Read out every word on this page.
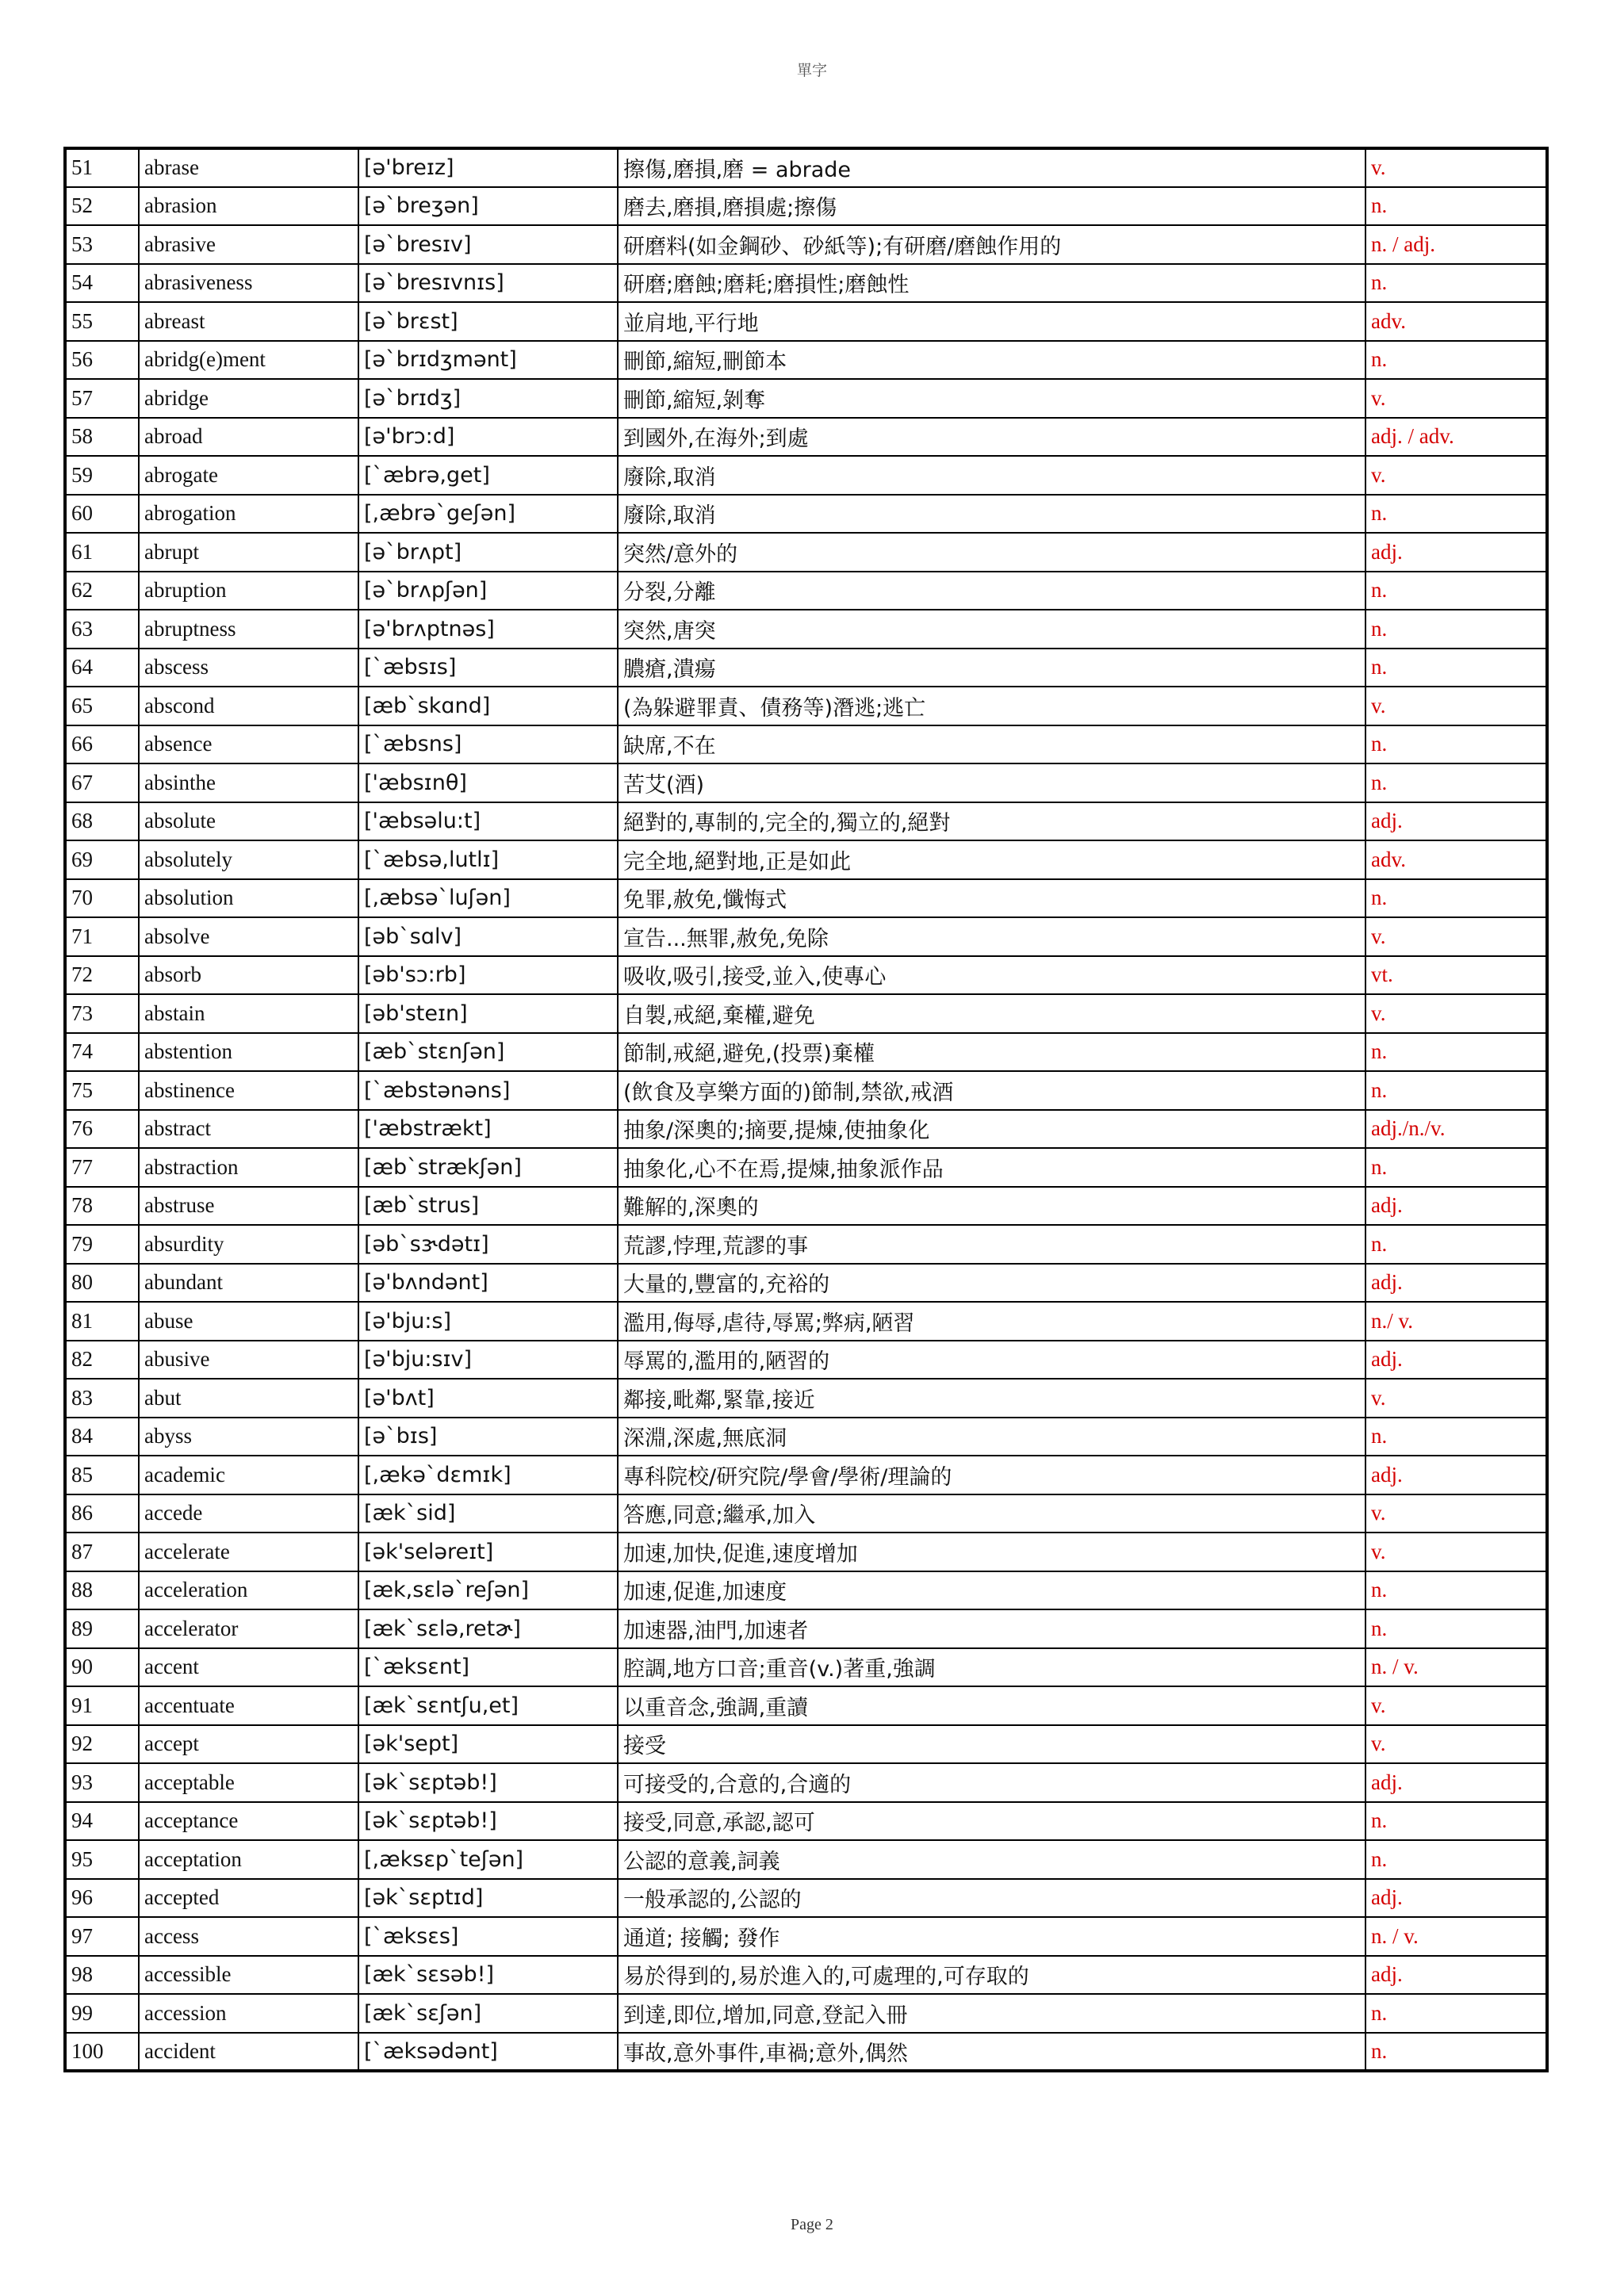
單字
51	abrase	[ə'breɪz]	擦傷,磨損,磨 = abrade	v.
52	abrasion	[ə`breʒən]	磨去,磨損,磨損處;擦傷	n.
53	abrasive	[ə`bresɪv]	研磨料(如金鋼砂、砂紙等);有研磨/磨蝕作用的	n. / adj.
54	abrasiveness	[ə`bresɪvnɪs]	研磨;磨蝕;磨耗;磨損性;磨蝕性	n.
55	abreast	[ə`brɛst]	並肩地,平行地	adv.
56	abridg(e)ment	[ə`brɪdʒmənt]	刪節,縮短,刪節本	n.
57	abridge	[ə`brɪdʒ]	刪節,縮短,剝奪	v.
58	abroad	[ə'brɔ:d]	到國外,在海外;到處	adj. / adv.
59	abrogate	[`æbrə,get]	廢除,取消	v.
60	abrogation	[,æbrə`geʃən]	廢除,取消	n.
61	abrupt	[ə`brʌpt]	突然/意外的	adj.
62	abruption	[ə`brʌpʃən]	分裂,分離	n.
63	abruptness	[ə'brʌptnəs]	突然,唐突	n.
64	abscess	[`æbsɪs]	膿瘡,潰瘍	n.
65	abscond	[æb`skɑnd]	(為躲避罪責、債務等)潛逃;逃亡	v.
66	absence	[`æbsns]	缺席,不在	n.
67	absinthe	['æbsɪnθ]	苦艾(酒)	n.
68	absolute	['æbsəlu:t]	絕對的,專制的,完全的,獨立的,絕對	adj.
69	absolutely	[`æbsə,lutlɪ]	完全地,絕對地,正是如此	adv.
70	absolution	[,æbsə`luʃən]	免罪,赦免,懺悔式	n.
71	absolve	[əb`sɑlv]	宣告...無罪,赦免,免除	v.
72	absorb	[əb'sɔ:rb]	吸收,吸引,接受,並入,使專心	vt.
73	abstain	[əb'steɪn]	自製,戒絕,棄權,避免	v.
74	abstention	[æb`stɛnʃən]	節制,戒絕,避免,(投票)棄權	n.
75	abstinence	[`æbstənəns]	(飲食及享樂方面的)節制,禁欲,戒酒	n.
76	abstract	['æbstrækt]	抽象/深奧的;摘要,提煉,使抽象化	adj./n./v.
77	abstraction	[æb`strækʃən]	抽象化,心不在焉,提煉,抽象派作品	n.
78	abstruse	[æb`strus]	難解的,深奧的	adj.
79	absurdity	[əb`sɝdətɪ]	荒謬,悖理,荒謬的事	n.
80	abundant	[ə'bʌndənt]	大量的,豐富的,充裕的	adj.
81	abuse	[ə'bju:s]	濫用,侮辱,虐待,辱罵;弊病,陋習	n./ v.
82	abusive	[ə'bju:sɪv]	辱罵的,濫用的,陋習的	adj.
83	abut	[ə'bʌt]	鄰接,毗鄰,緊靠,接近	v.
84	abyss	[ə`bɪs]	深淵,深處,無底洞	n.
85	academic	[,ækə`dɛmɪk]	專科院校/研究院/學會/學術/理論的	adj.
86	accede	[æk`sid]	答應,同意;繼承,加入	v.
87	accelerate	[ək'seləreɪt]	加速,加快,促進,速度增加	v.
88	acceleration	[æk,sɛlə`reʃən]	加速,促進,加速度	n.
89	accelerator	[æk`sɛlə,retɚ]	加速器,油門,加速者	n.
90	accent	[`æksɛnt]	腔調,地方口音;重音(v.)著重,強調	n. / v.
91	accentuate	[æk`sɛntʃu,et]	以重音念,強調,重讀	v.
92	accept	[ək'sept]	接受	v.
93	acceptable	[ək`sɛptəb!]	可接受的,合意的,合適的	adj.
94	acceptance	[ək`sɛptəb!]	接受,同意,承認,認可	n.
95	acceptation	[,æksɛp`teʃən]	公認的意義,詞義	n.
96	accepted	[ək`sɛptɪd]	一般承認的,公認的	adj.
97	access	[`æksɛs]	通道; 接觸; 發作	n. / v.
98	accessible	[æk`sɛsəb!]	易於得到的,易於進入的,可處理的,可存取的	adj.
99	accession	[æk`sɛʃən]	到達,即位,增加,同意,登記入冊	n.
100	accident	[`æksədənt]	事故,意外事件,車禍;意外,偶然	n.
Page 2
